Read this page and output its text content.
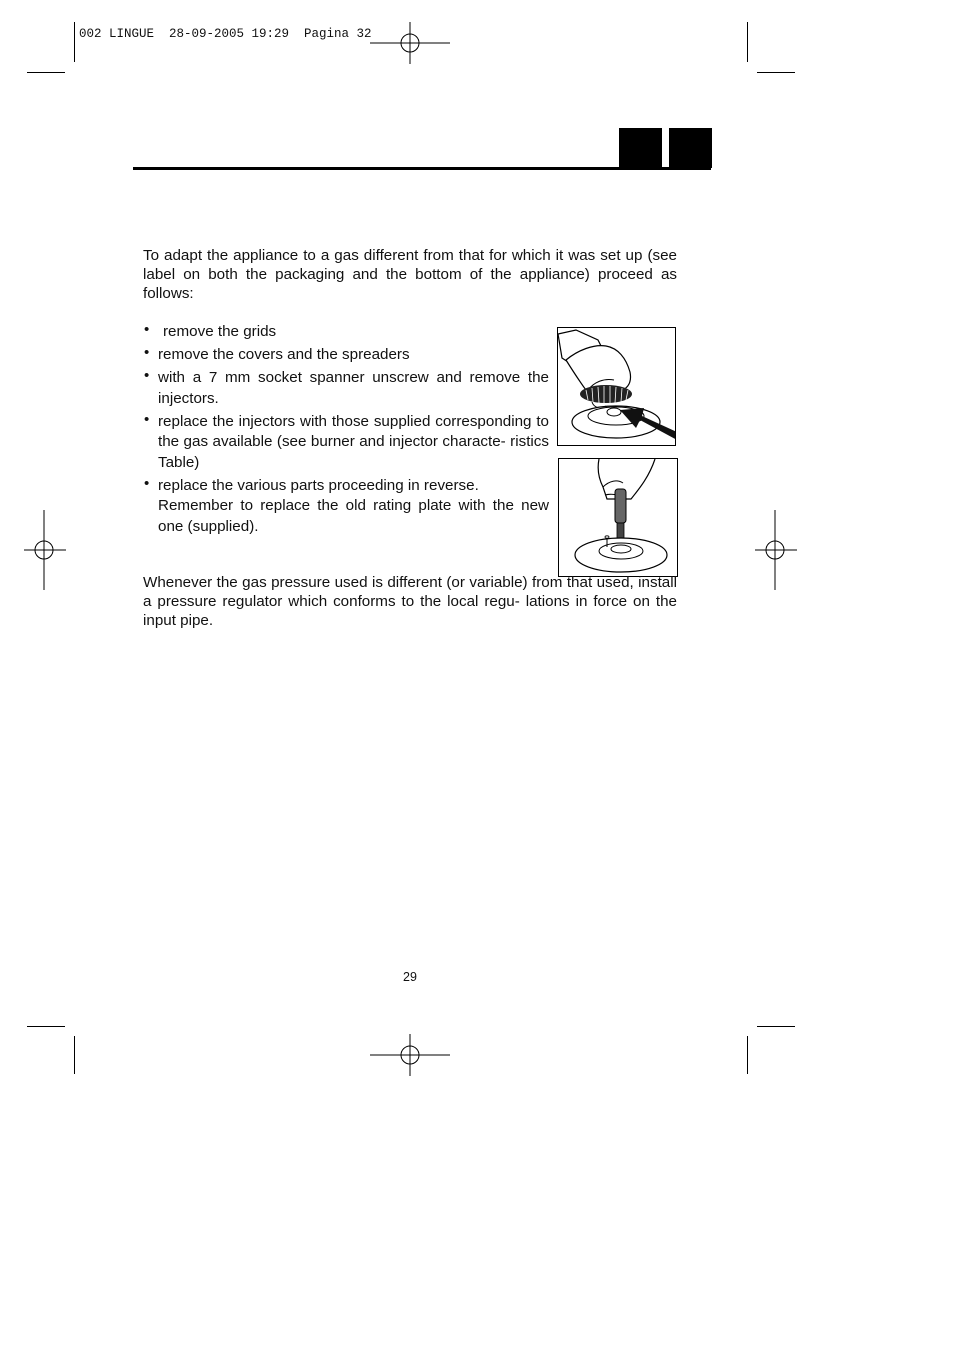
002 LINGUE  28-09-2005 19:29  Pagina 32
To adapt the appliance to a gas different from that for which it was set up (see label on both the packaging and the bottom of the appliance) proceed as follows:
• remove the grids
• remove the covers and the spreaders
• with a 7 mm socket spanner unscrew and remove the injectors.
• replace the injectors with those supplied corresponding to the gas available (see burner and injector characte- ristics Table)
• replace the various parts proceeding in reverse.
Remember to replace the old rating plate with the new one (supplied).
Whenever the gas pressure used is different (or variable) from that used, install a pressure regulator which conforms to the local regu- lations in force on the input pipe.
29
